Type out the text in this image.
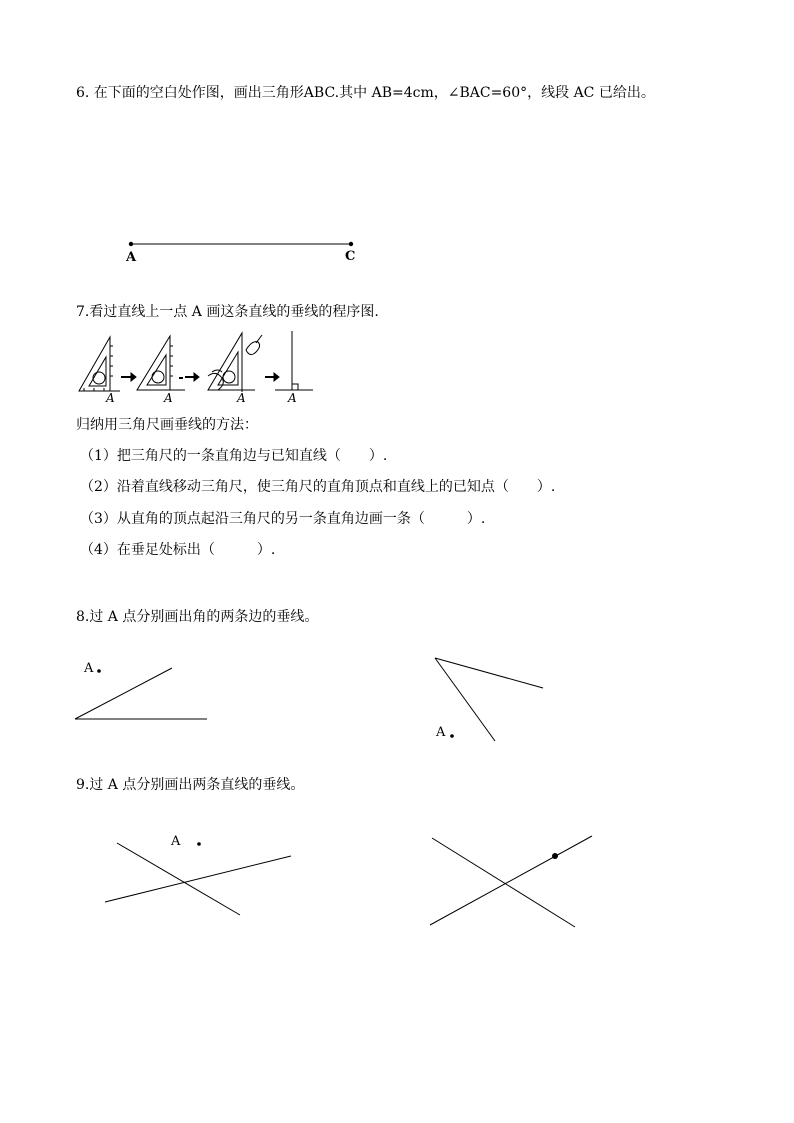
6. 在下面的空白处作图，画出三角形ABC.其中 AB=4cm，∠BAC=60°，线段 AC 已给出。
7.看过直线上一点 A 画这条直线的垂线的程序图.
归纳用三角尺画垂线的方法：
（1）把三角尺的一条直角边与已知直线（　　）.
（2）沿着直线移动三角尺，使三角尺的直角顶点和直线上的已知点（　　）.
（3）从直角的顶点起沿三角尺的另一条直角边画一条（　　　）.
（4）在垂足处标出（　　　）.
8.过 A 点分别画出角的两条边的垂线。
9.过 A 点分别画出两条直线的垂线。
A	C
A	A	A	A
A
A
A
